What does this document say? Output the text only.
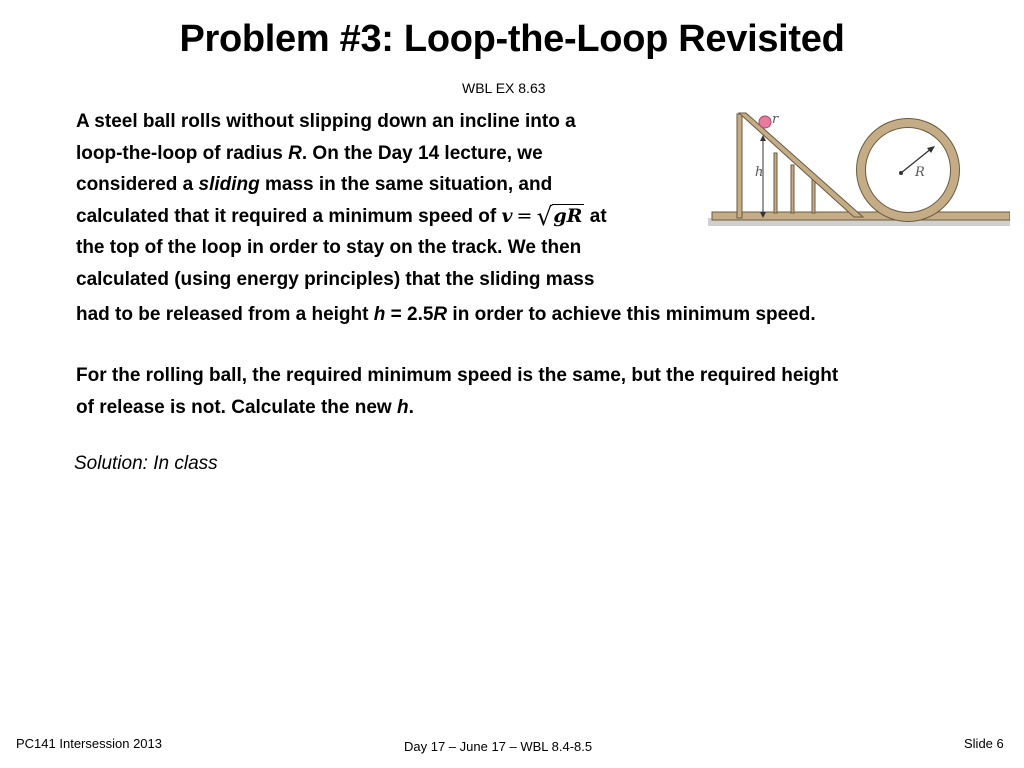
Problem #3: Loop-the-Loop Revisited
WBL EX 8.63
A steel ball rolls without slipping down an incline into a
loop-the-loop of radius R. On the Day 14 lecture, we
considered a sliding mass in the same situation, and
calculated that it required a minimum speed of v = √gR at
the top of the loop in order to stay on the track. We then
calculated (using energy principles) that the sliding mass
had to be released from a height h = 2.5R in order to achieve this minimum speed.
For the rolling ball, the required minimum speed is the same, but the required height
of release is not. Calculate the new h.
Solution: In class
r
h	R
PC141 Intersession 2013	Day 17 – June 17 – WBL 8.4-8.5	Slide 6
